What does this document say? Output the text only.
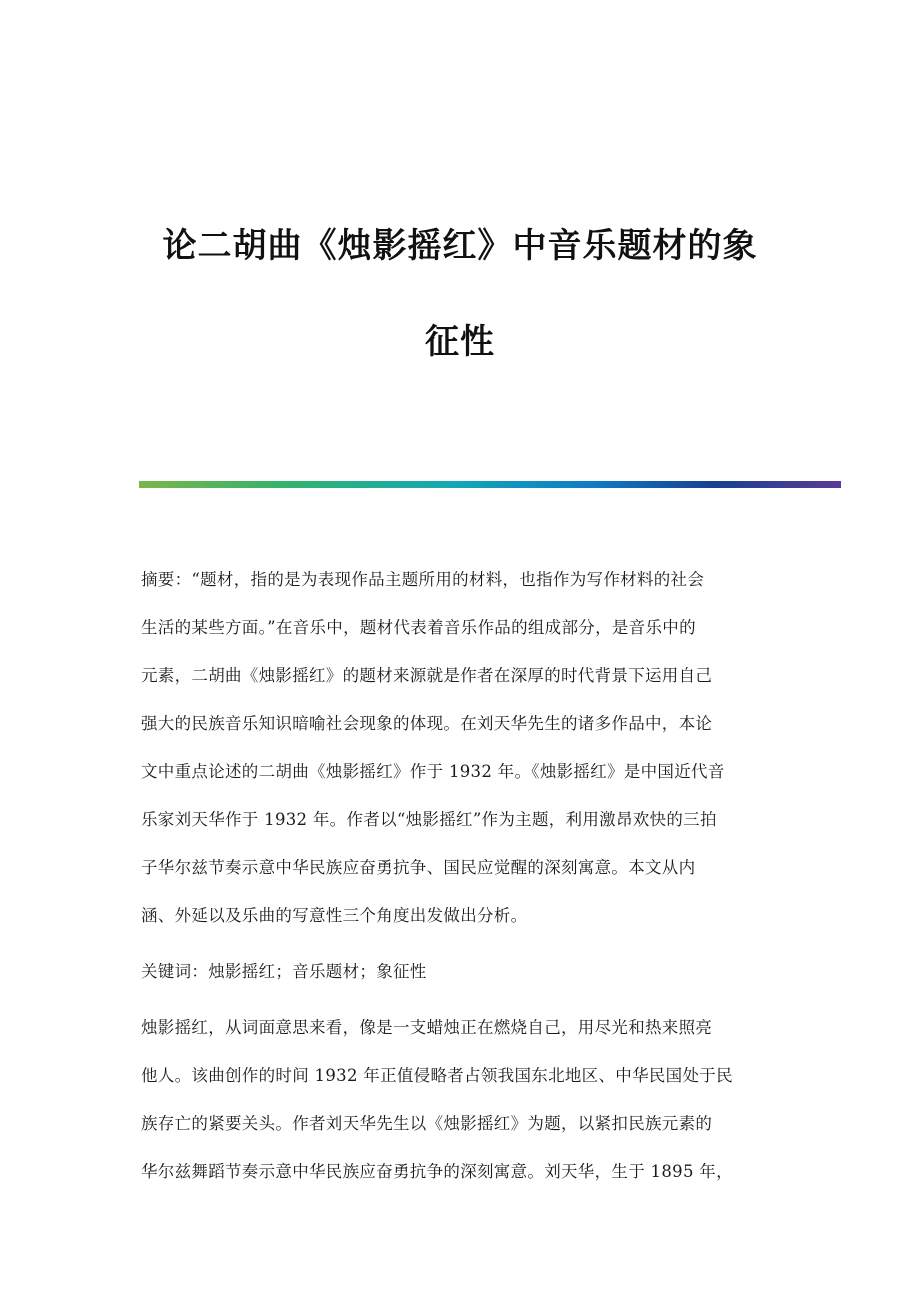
论二胡曲《烛影摇红》中音乐题材的象
征性

摘要：“题材，指的是为表现作品主题所用的材料，也指作为写作材料的社会
生活的某些方面。”在音乐中，题材代表着音乐作品的组成部分，是音乐中的
元素，二胡曲《烛影摇红》的题材来源就是作者在深厚的时代背景下运用自己
强大的民族音乐知识暗喻社会现象的体现。在刘天华先生的诸多作品中，本论
文中重点论述的二胡曲《烛影摇红》作于 1932 年。《烛影摇红》是中国近代音
乐家刘天华作于 1932 年。作者以“烛影摇红”作为主题，利用激昂欢快的三拍
子华尔兹节奏示意中华民族应奋勇抗争、国民应觉醒的深刻寓意。本文从内
涵、外延以及乐曲的写意性三个角度出发做出分析。

关键词：烛影摇红；音乐题材；象征性

烛影摇红，从词面意思来看，像是一支蜡烛正在燃烧自己，用尽光和热来照亮
他人。该曲创作的时间 1932 年正值侵略者占领我国东北地区、中华民国处于民
族存亡的紧要关头。作者刘天华先生以《烛影摇红》为题，以紧扣民族元素的
华尔兹舞蹈节奏示意中华民族应奋勇抗争的深刻寓意。刘天华，生于 1895 年，
